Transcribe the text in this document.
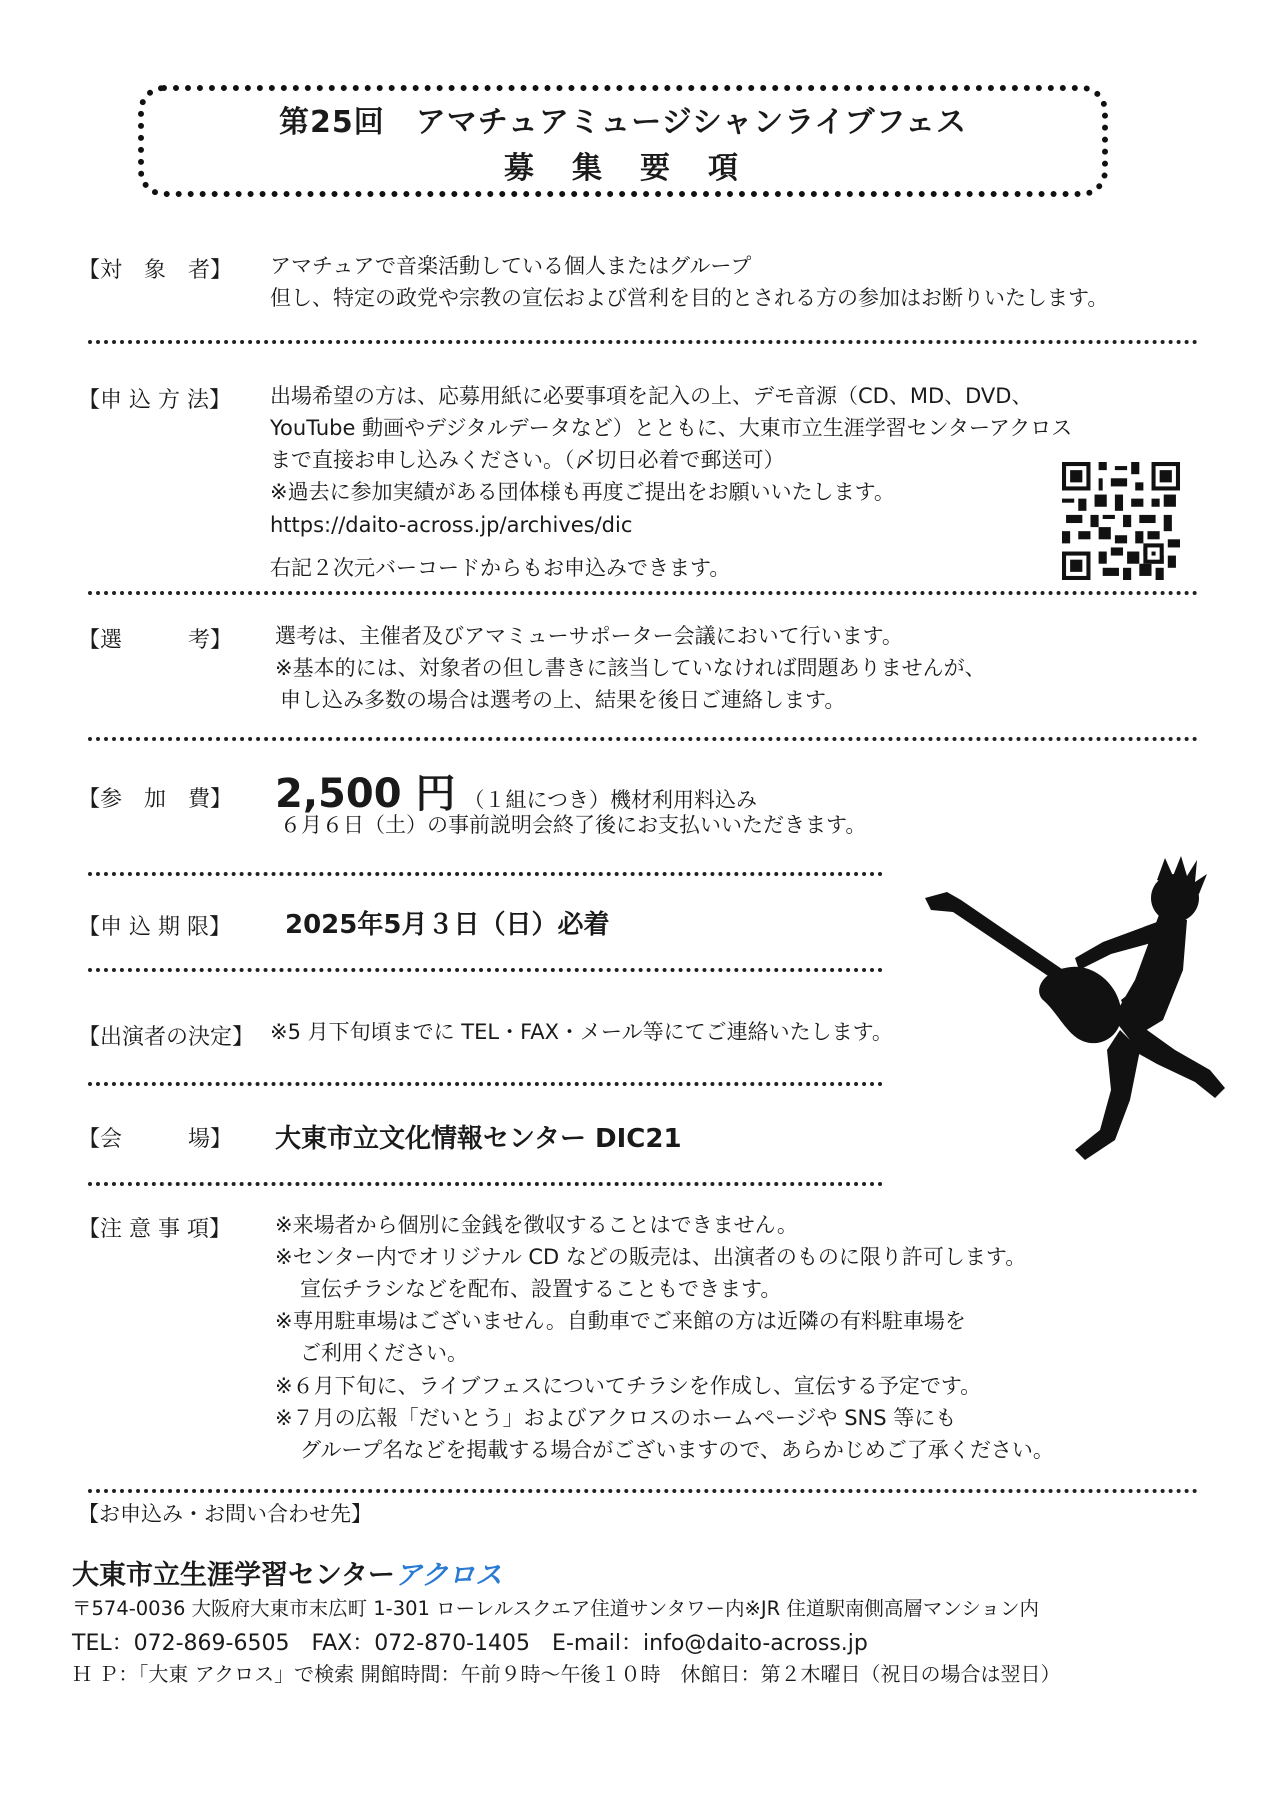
第25回　アマチュアミュージシャンライブフェス
募　集　要　項
【対　象　者】 アマチュアで音楽活動している個人またはグループ
但し、特定の政党や宗教の宣伝および営利を目的とされる方の参加はお断りいたします。
【申 込 方 法】 出場希望の方は、応募用紙に必要事項を記入の上、デモ音源（CD、MD、DVD、
YouTube 動画やデジタルデータなど）とともに、大東市立生涯学習センターアクロス
まで直接お申し込みください。（〆切日必着で郵送可）
※過去に参加実績がある団体様も再度ご提出をお願いいたします。
https://daito-across.jp/archives/dic
右記２次元バーコードからもお申込みできます。
【選　　　考】 選考は、主催者及びアマミューサポーター会議において行います。
※基本的には、対象者の但し書きに該当していなければ問題ありませんが、
申し込み多数の場合は選考の上、結果を後日ご連絡します。
【参　加　費】 2,500 円 （１組につき）機材利用料込み
６月６日（土）の事前説明会終了後にお支払いいただきます。
【申 込 期 限】 2025年5月３日（日）必着
【出演者の決定】 ※5 月下旬頃までに TEL・FAX・メール等にてご連絡いたします。
【会　　　場】 大東市立文化情報センター DIC21
【注 意 事 項】 ※来場者から個別に金銭を徴収することはできません。
※センター内でオリジナル CD などの販売は、出演者のものに限り許可します。
宣伝チラシなどを配布、設置することもできます。
※専用駐車場はございません。自動車でご来館の方は近隣の有料駐車場を
ご利用ください。
※６月下旬に、ライブフェスについてチラシを作成し、宣伝する予定です。
※７月の広報「だいとう」およびアクロスのホームページや SNS 等にも
グループ名などを掲載する場合がございますので、あらかじめご了承ください。
【お申込み・お問い合わせ先】
大東市立生涯学習センターアクロス
〒574-0036 大阪府大東市末広町 1-301 ローレルスクエア住道サンタワー内※JR 住道駅南側高層マンション内
TEL：072-869-6505　FAX：072-870-1405　E-mail：info@daito-across.jp
Ｈ Ｐ：「大東 アクロス」で検索 開館時間：午前９時～午後１０時　休館日：第２木曜日（祝日の場合は翌日）
